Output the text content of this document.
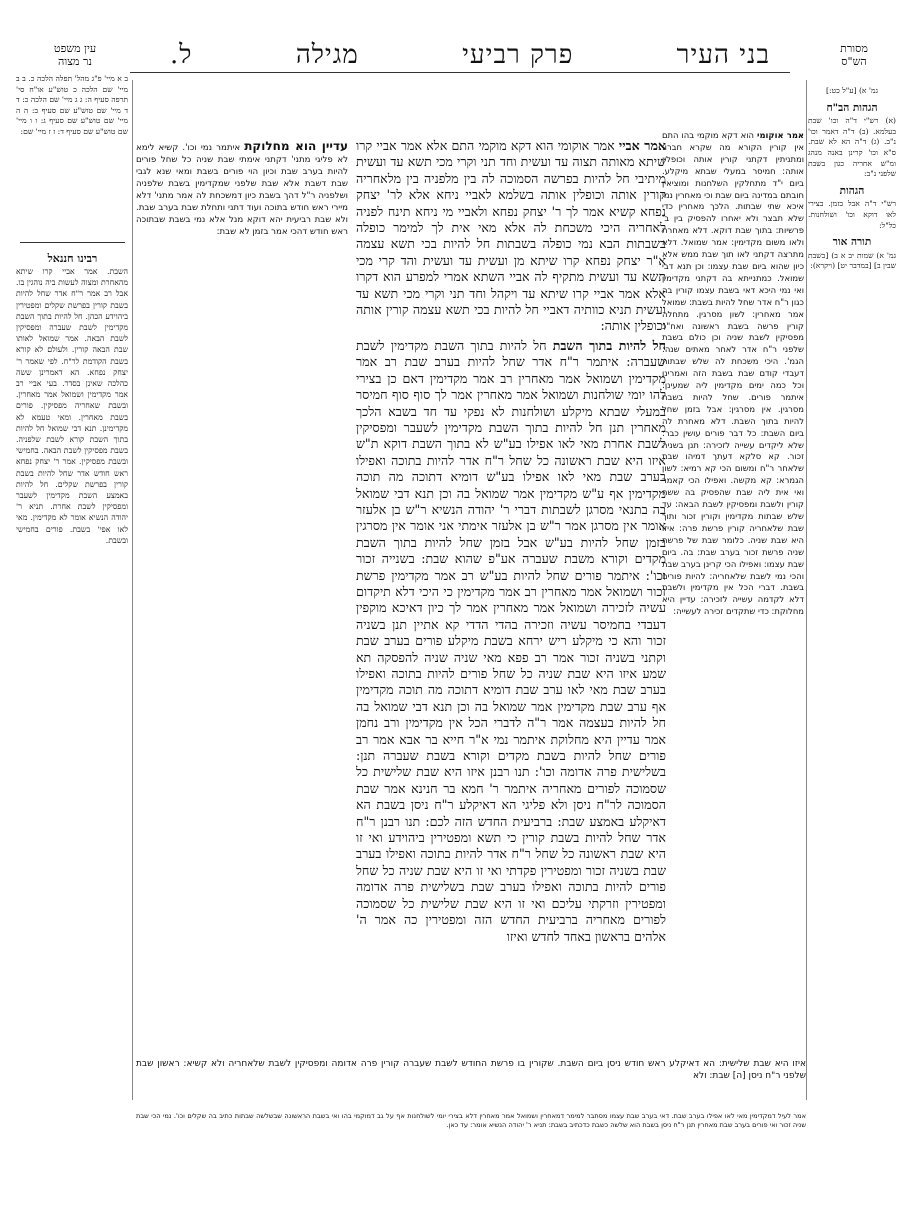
בני העיר
פרק רביעי
מגילה
ל.	מסורת
הש"ס
עין משפט
נר מצוה

גמ' א) [ע"ל כט:]

הגהות הב"ח

(א) רש"י ד"ה וכו' שבת בעלמא. (ב) ד"ה דאמר וכו' נ"ב. (ג) ד"ה הא לא שבת. ס"א וכו' קרינן באנה מנהג ומ"ש אחריה כגון בשבת שלפני נ"ב:

הגהות

רש"י ד"ה אבל בזמן. בצירי לאו דוקא וכו' ושולחנות. כל"ל:

תורה אור

גמ' א) שמות יב א ב) [בשבת שבין ב] [במדבר יט] (ויקרא):

ב א מיי' פ"ג מהל' תפלה הלכה כ. ב ב מיי' שם הלכה כ טוש"ע או"ח סי' תרפה סעיף ה: ג ג מיי' שם הלכה כ: ד ד מיי' שם טוש"ע שם סעיף ב: ה ה מיי' שם טוש"ע שם סעיף ג: ו ו מיי' שם טוש"ע שם סעיף ד: ז ז מיי' שם:

רבינו חננאל

השבת. אמר אביי קרו שיתא מהאחרת ומצוה לעשות ביה נוהגין בו. אבל רב אמר ר"ח אדר שחל להיות בשבת קורין בפרשת שקלים ומפטירין ביהוידע הכהן. חל להיות בתוך השבת מקדימין לשבת שעברה ומפסיקין לשבת הבאה. אמר שמואל לאותו שבת הבאה קורין. ולעולם לא קורא בשבת הקודמת לר"ח. לפי שאמר ר' יצחק נפחא. הא דאמרינן ששה כהלכה שאינן בסדר. בעי אביי רב אמר מקדימין ושמואל אמר מאחרין. ובשבת שאחריה מפסיקין. פורים בשבת מאחרין. ומאי טעמא לא מקדימינן. תנא דבי שמואל חל להיות בתוך השבת קורא לשבת שלפניה. בשבת מפסיקין לשבת הבאה. בחמישי ובשבת מפסיקין. אמר ר' יצחק נפחא ראש חודש אדר שחל להיות בשבת קורין בפרשת שקלים. חל להיות באמצע השבת מקדימין לשעבר ומפסיקין לשבת אחרת. תניא ר' יהודה הנשיא אומר לא מקדימין. מאי לאו אפי' בשבת. פורים בחמישי ובשבת.

עדיין הוא מחלוקת איתמר נמי וכו'. קשיא לימא לא פליגי מתני' דקתני אימתי שבת שניה כל שחל פורים להיות בערב שבת וכיון הוי פורים בשבת ומאי שנא לגבי שבת דשבת אלא שבת שלפני שמקדימין בשבת שלפניה ושלפניה ר"ל דהך בשבת כיון דמשכחת לה אמר מתני' דלא מיירי ראש חודש בתוכה ועוד דתני ותחלת שבת בערב שבת. ולא שבת רביעית יהא דוקא מנל אלא נמי בשבת שבתוכה ראש חודש דהכי אמר בזמן לא שבת:

אמר אוקומי הוא דקא מוקמי בהו התם אין קורין הקורא מה שקרא חברו. ומתניתין דקתני קורין אותה וכופלין אותה: חמיסר במעלי שבתא מיקלע. ביום י"ד מתחלקין השלחנות ומוציאין חובתם במדינה ביום שבת וכי מאחרין נמי איכא שתי שבתות. הלכך מאחרין כדי שלא תבצר ולא יאחרו להפסיק בין ב' פרשיות: בתוך שבת דוקא. דלא מאחרת ולאו משום מקדימין: אמר שמואל. דלא מתרצה דקתני לאו תוך שבת ממש אלא כיון שהוא ביום שבת עצמו: וכן תנא דבי שמואל. כמתנייתא בה דקתני מקדימין ואי נמי היכא דאי בשבת עצמו קורין בה כגון ר"ח אדר שחל להיות בשבת: שמואל אמר מאחרין: לשון מסרגין. מתחלה קורין פרשה בשבת ראשונה ואח"כ מפסיקין לשבת שניה וכן כולם בשבת שלפני ר"ח אדר לאחר מאתים שנה: הגמ'. היכי משכחת לה שלש שבתות דעבדי קודם שבת בשבת הזה ואמרינן וכל כמה ימים מקדימין ליה שמעינן: איתמר פורים. שחל להיות בשבת מסרגין. אין מסרגין: אבל בזמן שחל להיות בתוך השבת. דלא מאחרת לה ביום השבת: כל דבר פורים עושין כבר: שלא ליקדים עשייה לזכירה: תנן בשניה זכור. קא סלקא דעתך דמיהו שבת שלאחר ר"ח ומשום הכי קא רמיא: לשון הגמרא: קא מקשה. ואפילו הכי קאמר ואי אית ליה שבת שהפסיק בה ששה קורין ולשבת ומפסיקין לשבת הבאה: עד שלש שבתות מקדימין וקורין זכור ותוך שבת שלאחריה קורין פרשת פרה: איזו היא שבת שניה. כלומר שבת של פרשת שניה פרשת זכור בערב שבת: בה. ביום שבת עצמו: ואפילו הכי קרינן בערב שבת והכי נמי לשבת שלאחריה: להיות פורים בשבת. דברי הכל אין מקדימין ולשבת דלא לקדמה עשייה לזכירה: עדיין היא מחלוקת: כדי שתקדים זכירה לעשייה:

אמר אביי אמר אוקומי הוא דקא מוקמי התם אלא אמר אביי קרו שיתא מאותה תצוה עד ועשית וחד תני וקרי מכי תשא עד ועשית מיתיבי חל להיות בפרשה הסמוכה לה בין מלפניה בין מלאחריה קורין אותה וכופלין אותה בשלמא לאביי ניחא אלא לר' יצחק נפחא קשיא אמר לך ר' יצחק נפחא ולאביי מי ניחא תינח לפניה לאחריה היכי משכחת לה אלא מאי אית לך למימר כופלה בשבתות הבא נמי כופלה בשבתות חל להיות בכי תשא עצמה א"ר יצחק נפחא קרו שיתא מן ועשית עד ועשית והד קרי מכי תשא עד ועשית מתקיף לה אביי השתא אמרי למפרע הוא דקרו אלא אמר אביי קרו שיתא עד ויקהל וחד תני וקרי מכי תשא עד ועשית תניא כוותיה דאביי חל להיות בכי תשא עצמה קורין אותה וכופלין אותה:

חל להיות בתוך השבת חל להיות בתוך השבת מקדימין לשבת שעברה: איתמר ר"ח אדר שחל להיות בערב שבת רב אמר מקדימין ושמואל אמר מאחרין רב אמר מקדימין דאם כן בצירי להו יומי שולחנות ושמואל אמר מאחרין אמר לך סוף סוף חמיסר במעלי שבתא מיקלע ושולחנות לא נפקי עד חד בשבא הלכך מאחרין תנן חל להיות בתוך השבת מקדימין לשעבר ומפסיקין לשבת אחרת מאי לאו אפילו בע"ש לא בתוך השבת דוקא ת"ש איזו היא שבת ראשונה כל שחל ר"ח אדר להיות בתוכה ואפילו בערב שבת מאי לאו אפילו בע"ש דומיא דתוכה מה תוכה מקדימין אף ע"ש מקדימין אמר שמואל בה וכן תנא דבי שמואל בה בתנאי מסרגן לשבתות דברי ר' יהודה הנשיא ר"ש בן אלעזר אומר אין מסרגן אמר ר"ש בן אלעזר אימתי אני אומר אין מסרגין בזמן שחל להיות בע"ש אבל בזמן שחל להיות בתוך השבת מקדים וקורא משבת שעברה אע"פ שהוא שבת: בשנייה זכור וכו': איתמר פורים שחל להיות בע"ש רב אמר מקדימין פרשת זכור ושמואל אמר מאחרין רב אמר מקדימין כי היכי דלא תיקדום עשיה לזכירה ושמואל אמר מאחרין אמר לך כיון דאיכא מוקפין דעבדי בחמיסר עשיה וזכירה בהדי הדדי קא אתיין תנן בשניה זכור והא כי מיקלע ריש ירחא בשבת מיקלע פורים בערב שבת וקתני בשניה זכור אמר רב פפא מאי שניה שניה להפסקה תא שמע איזו היא שבת שניה כל שחל פורים להיות בתוכה ואפילו בערב שבת מאי לאו ערב שבת דומיא דתוכה מה תוכה מקדימין אף ערב שבת מקדימין אמר שמואל בה וכן תנא דבי שמואל בה חל להיות בעצמה אמר ר"ה לדברי הכל אין מקדימין ורב נחמן אמר עדיין היא מחלוקת איתמר נמי א"ר חייא בר אבא אמר רב פורים שחל להיות בשבת מקדים וקורא בשבת שעברה תנן: בשלישית פרה אדומה וכו': תנו רבנן איזו היא שבת שלישית כל שסמוכה לפורים מאחריה איתמר ר' חמא בר חנינא אמר שבת הסמוכה לר"ח ניסן ולא פליגי הא דאיקלע ר"ח ניסן בשבת הא דאיקלע באמצע שבת: ברביעית החדש הזה לכם: תנו רבנן ר"ח אדר שחל להיות בשבת קורין כי תשא ומפטירין ביהוידע ואי זו היא שבת ראשונה כל שחל ר"ח אדר להיות בתוכה ואפילו בערב שבת בשניה זכור ומפטירין פקדתי ואי זו היא שבת שניה כל שחל פורים להיות בתוכה ואפילו בערב שבת בשלישית פרה אדומה ומפטירין וזרקתי עליכם ואי זו היא שבת שלישית כל שסמוכה לפורים מאחריה ברביעית החדש הזה ומפטירין כה אמר ה' אלהים בראשון באחד לחדש ואיזו

איזו היא שבת שלישית: הא דאיקלע ראש חודש ניסן ביום השבת. שקורין בו פרשת החודש לשבת שעברה קורין פרה אדומה ומפסיקין לשבת שלאחריה ולא קשיא: ראשון שבת שלפני ר"ח ניסן [ה] שבת: ולא

אמר לעיל דמקדימין מאי לאו אפילו בערב שבת. דאי בערב שבת עצמו מסתבר למימר דמאחרין ושמואל אמר מאחרין דלא בצירי יומי לשולחנות אף על גב דמוקמי בהו ואי בשבת הראשונה שבשלשה שבתות כתיב בה שקלים וכו'. נמי הכי שבת שניה זכור ואי פורים בערב שבת מאחרין תנן ר"ח ניסן בשבת הוא שלשה כשבת כדכתיב בשבת: תניא ר' יהודה הנשיא אומר: עד כאן.
